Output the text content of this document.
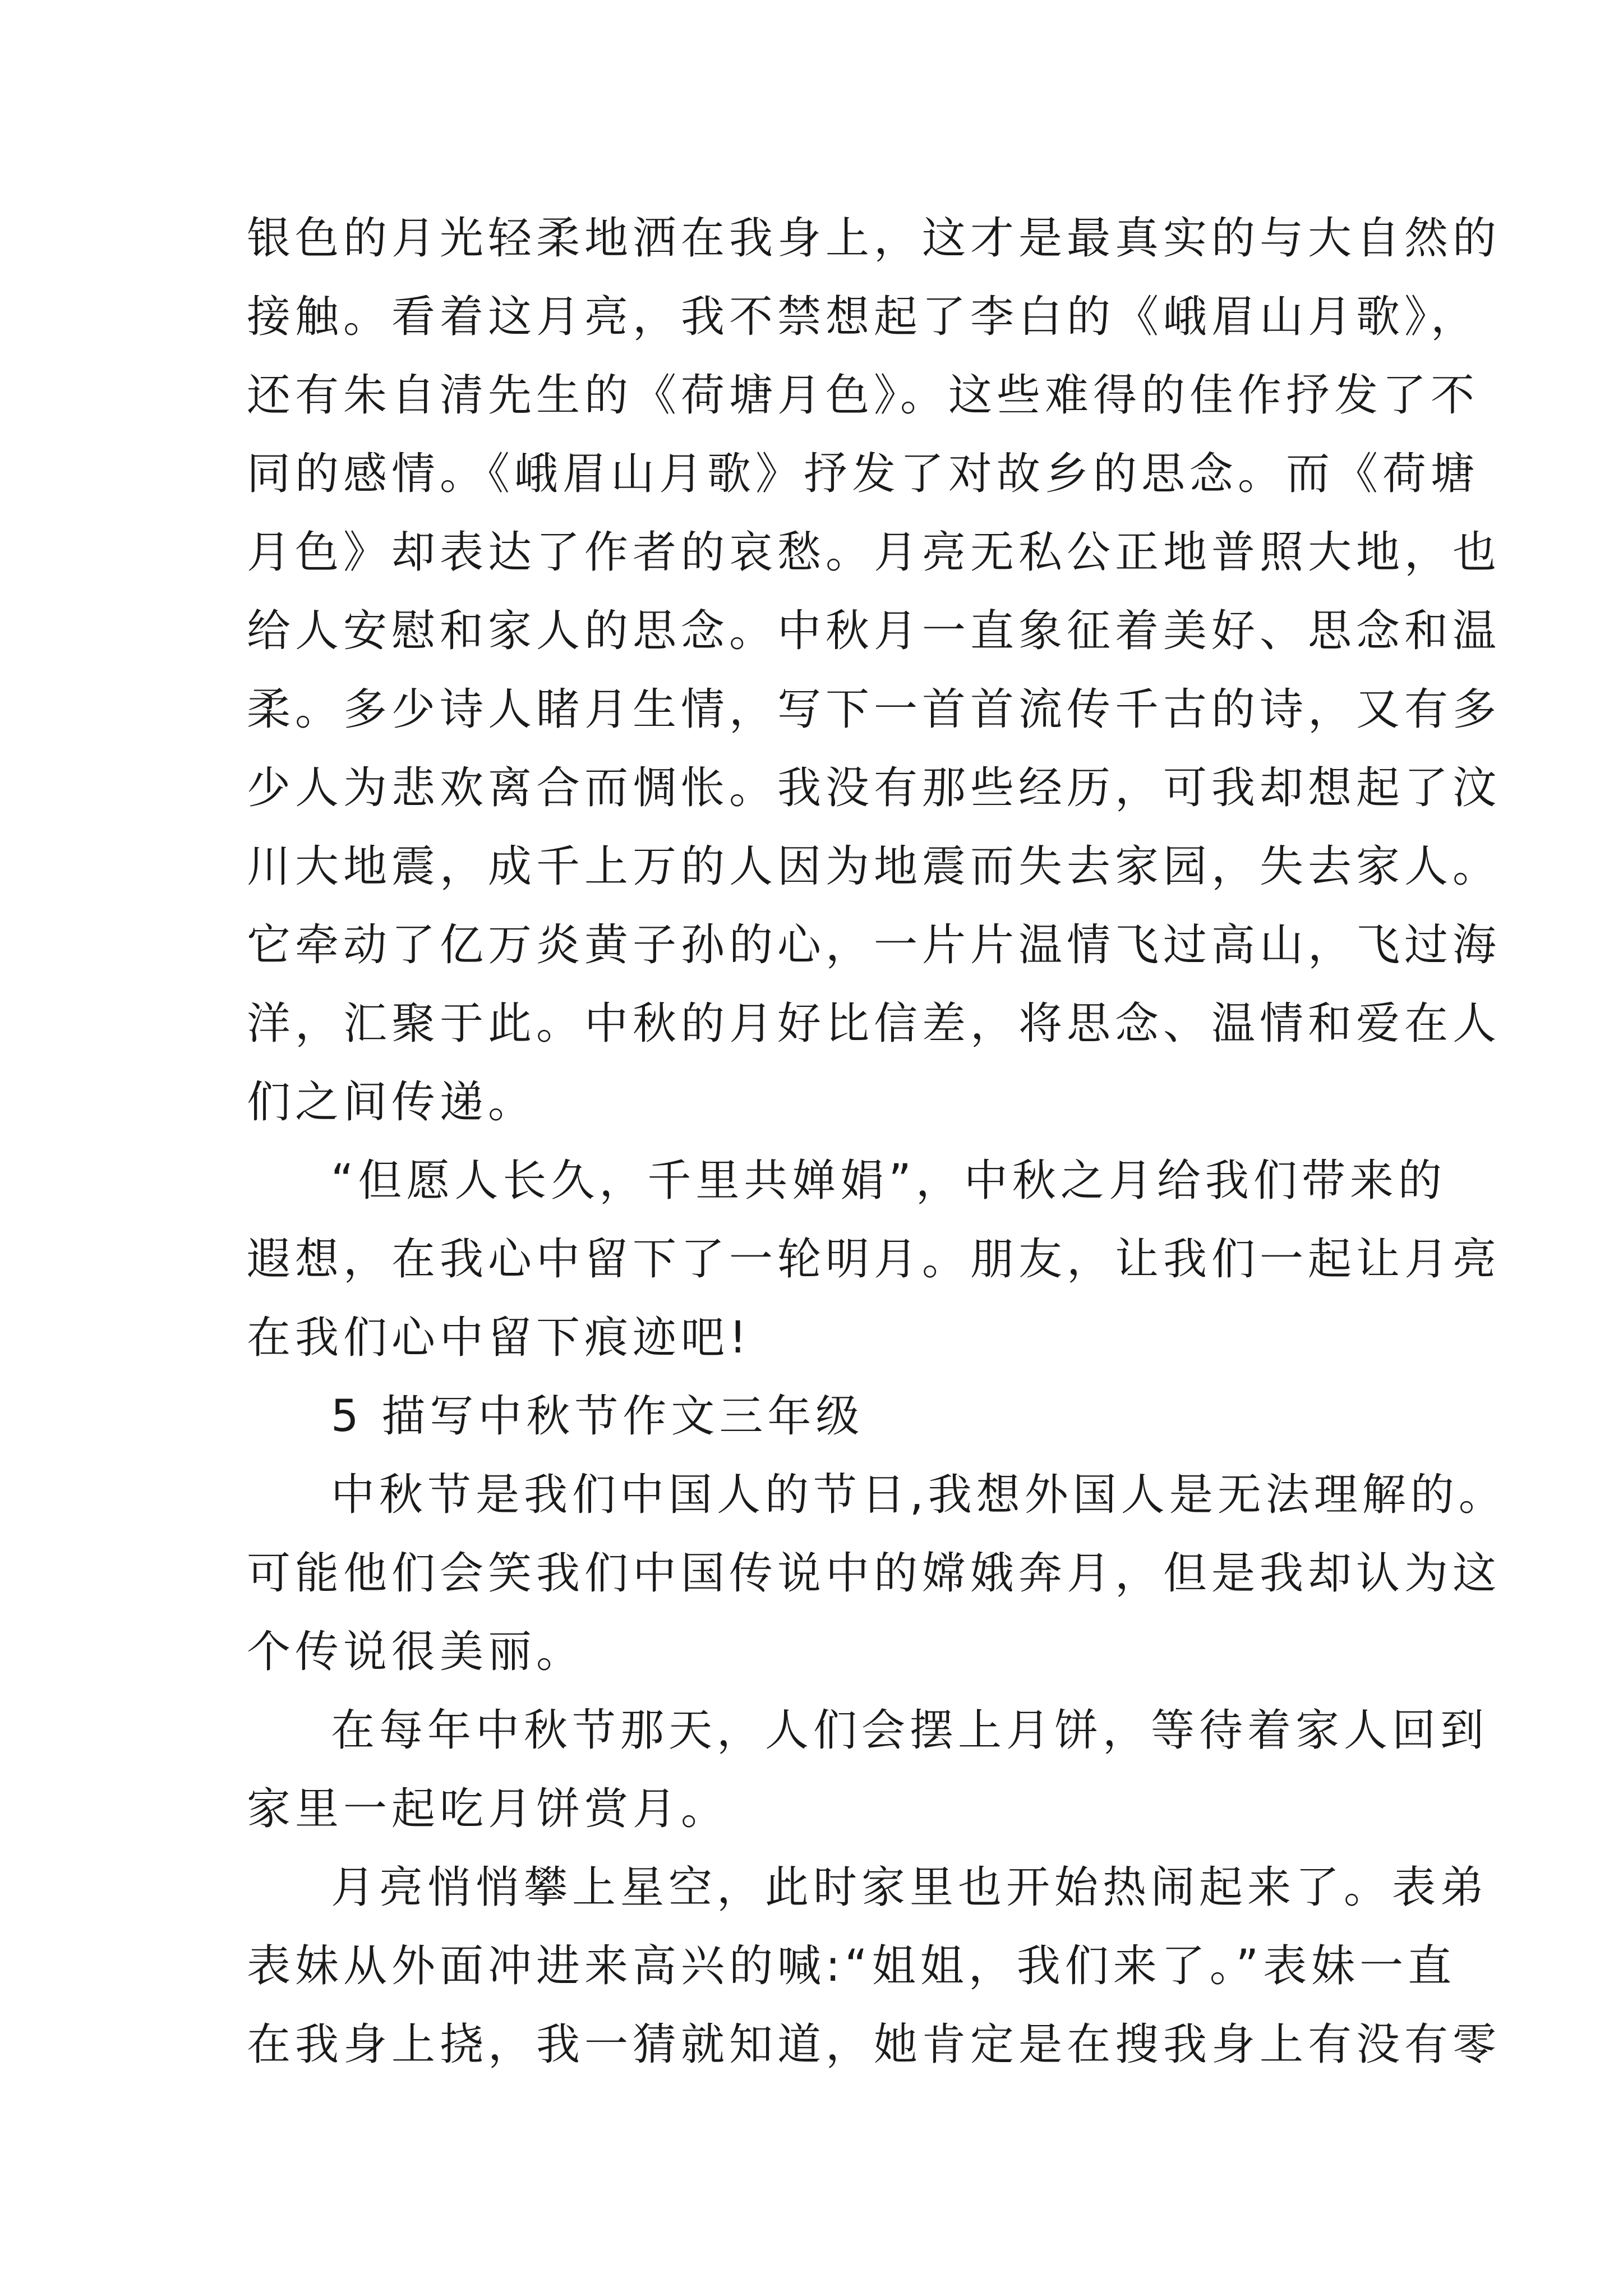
银色的月光轻柔地洒在我身上，这才是最真实的与大自然的
接触。看着这月亮，我不禁想起了李白的《峨眉山月歌》，
还有朱自清先生的《荷塘月色》。这些难得的佳作抒发了不
同的感情。《峨眉山月歌》抒发了对故乡的思念。而《荷塘
月色》却表达了作者的哀愁。月亮无私公正地普照大地，也
给人安慰和家人的思念。中秋月一直象征着美好、思念和温
柔。多少诗人睹月生情，写下一首首流传千古的诗，又有多
少人为悲欢离合而惆怅。我没有那些经历，可我却想起了汶
川大地震，成千上万的人因为地震而失去家园，失去家人。
它牵动了亿万炎黄子孙的心，一片片温情飞过高山，飞过海
洋，汇聚于此。中秋的月好比信差，将思念、温情和爱在人
们之间传递。
“但愿人长久，千里共婵娟”，中秋之月给我们带来的
遐想，在我心中留下了一轮明月。朋友，让我们一起让月亮
在我们心中留下痕迹吧!
5 描写中秋节作文三年级
中秋节是我们中国人的节日,我想外国人是无法理解的。
可能他们会笑我们中国传说中的嫦娥奔月，但是我却认为这
个传说很美丽。
在每年中秋节那天，人们会摆上月饼，等待着家人回到
家里一起吃月饼赏月。
月亮悄悄攀上星空，此时家里也开始热闹起来了。表弟
表妹从外面冲进来高兴的喊:“姐姐，我们来了。”表妹一直
在我身上挠，我一猜就知道，她肯定是在搜我身上有没有零
